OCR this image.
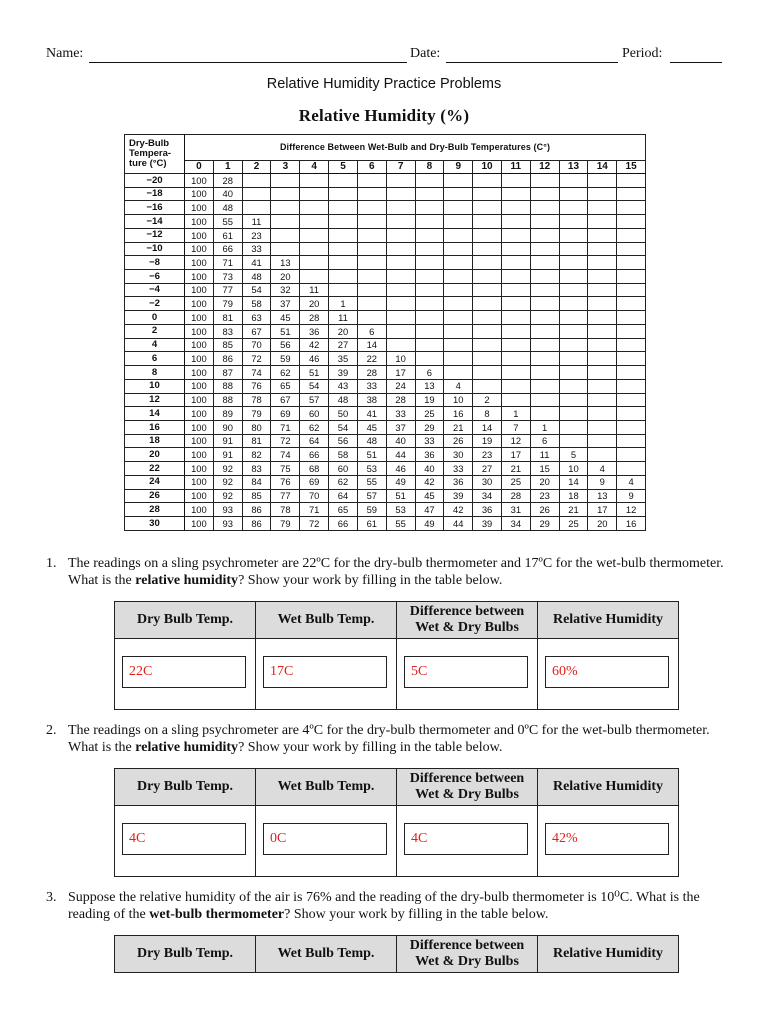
Name:	Date:	Period:
Relative Humidity Practice Problems
Relative Humidity (%)
Dry-Bulb Tempera-ture (°C)	Difference Between Wet-Bulb and Dry-Bulb Temperatures (C°)															
	0	1	2	3	4	5	6	7	8	9	10	11	12	13	14	15
−20	100	28														
−18	100	40														
−16	100	48														
−14	100	55	11													
−12	100	61	23													
−10	100	66	33													
−8	100	71	41	13												
−6	100	73	48	20												
−4	100	77	54	32	11											
−2	100	79	58	37	20	1										
0	100	81	63	45	28	11										
2	100	83	67	51	36	20	6									
4	100	85	70	56	42	27	14									
6	100	86	72	59	46	35	22	10								
8	100	87	74	62	51	39	28	17	6							
10	100	88	76	65	54	43	33	24	13	4						
12	100	88	78	67	57	48	38	28	19	10	2					
14	100	89	79	69	60	50	41	33	25	16	8	1				
16	100	90	80	71	62	54	45	37	29	21	14	7	1			
18	100	91	81	72	64	56	48	40	33	26	19	12	6			
20	100	91	82	74	66	58	51	44	36	30	23	17	11	5		
22	100	92	83	75	68	60	53	46	40	33	27	21	15	10	4	
24	100	92	84	76	69	62	55	49	42	36	30	25	20	14	9	4
26	100	92	85	77	70	64	57	51	45	39	34	28	23	18	13	9
28	100	93	86	78	71	65	59	53	47	42	36	31	26	21	17	12
30	100	93	86	79	72	66	61	55	49	44	39	34	29	25	20	16
1. The readings on a sling psychrometer are 22ºC for the dry-bulb thermometer and 17ºC for the wet-bulb thermometer. What is the relative humidity? Show your work by filling in the table below.
Dry Bulb Temp.	Wet Bulb Temp.	Difference between Wet & Dry Bulbs	Relative Humidity

22C	17C	5C	60%
2. The readings on a sling psychrometer are 4ºC for the dry-bulb thermometer and 0ºC for the wet-bulb thermometer. What is the relative humidity? Show your work by filling in the table below.
Dry Bulb Temp.	Wet Bulb Temp.	Difference between Wet & Dry Bulbs	Relative Humidity

4C	0C	4C	42%
3. Suppose the relative humidity of the air is 76% and the reading of the dry-bulb thermometer is 10⁰C. What is the reading of the wet-bulb thermometer? Show your work by filling in the table below.
Dry Bulb Temp.	Wet Bulb Temp.	Difference between Wet & Dry Bulbs	Relative Humidity
